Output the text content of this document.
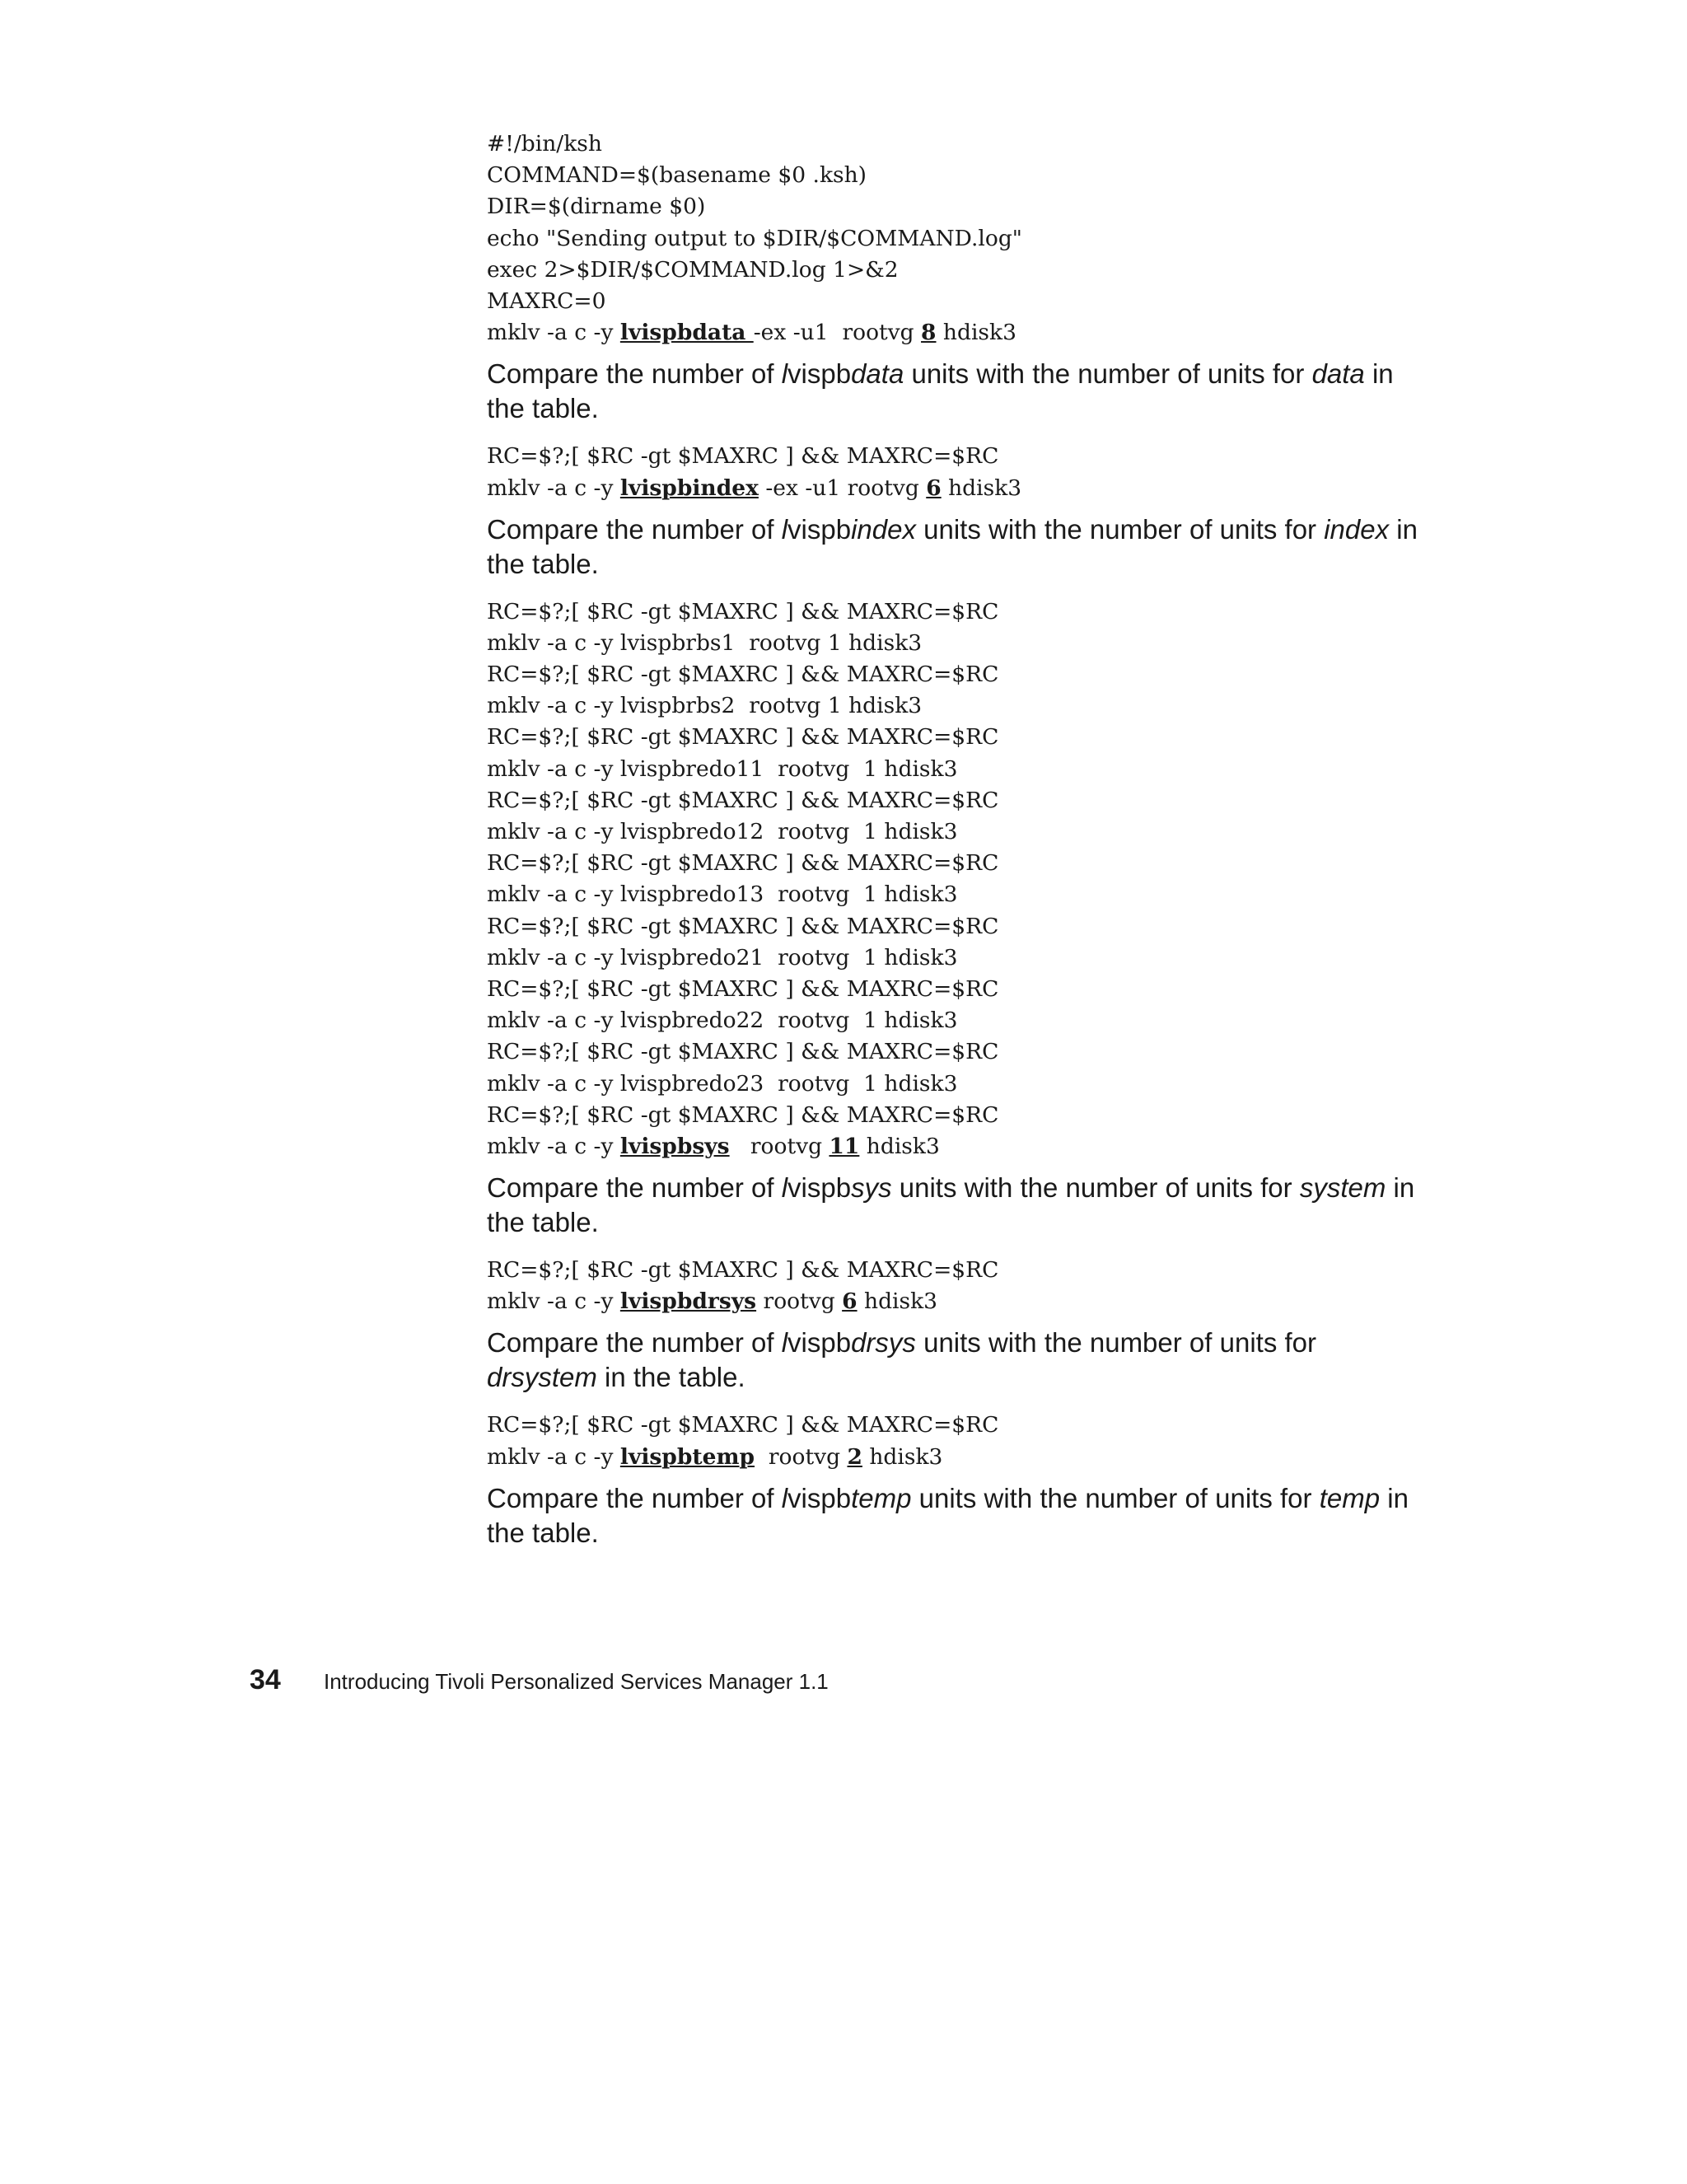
#!/bin/ksh
COMMAND=$(basename $0 .ksh)
DIR=$(dirname $0)
echo "Sending output to $DIR/$COMMAND.log"
exec 2>$DIR/$COMMAND.log 1>&2
MAXRC=0
mklv -a c -y lvispbdata -ex -u1  rootvg 8 hdisk3
Compare the number of lvispbdata units with the number of units for data in the table.
RC=$?;[ $RC -gt $MAXRC ] && MAXRC=$RC
mklv -a c -y lvispbindex -ex -u1 rootvg 6 hdisk3
Compare the number of lvispbindex units with the number of units for index in the table.
RC=$?;[ $RC -gt $MAXRC ] && MAXRC=$RC
mklv -a c -y lvispbrbs1  rootvg 1 hdisk3
RC=$?;[ $RC -gt $MAXRC ] && MAXRC=$RC
mklv -a c -y lvispbrbs2  rootvg 1 hdisk3
RC=$?;[ $RC -gt $MAXRC ] && MAXRC=$RC
mklv -a c -y lvispbredo11  rootvg  1 hdisk3
RC=$?;[ $RC -gt $MAXRC ] && MAXRC=$RC
mklv -a c -y lvispbredo12  rootvg  1 hdisk3
RC=$?;[ $RC -gt $MAXRC ] && MAXRC=$RC
mklv -a c -y lvispbredo13  rootvg  1 hdisk3
RC=$?;[ $RC -gt $MAXRC ] && MAXRC=$RC
mklv -a c -y lvispbredo21  rootvg  1 hdisk3
RC=$?;[ $RC -gt $MAXRC ] && MAXRC=$RC
mklv -a c -y lvispbredo22  rootvg  1 hdisk3
RC=$?;[ $RC -gt $MAXRC ] && MAXRC=$RC
mklv -a c -y lvispbredo23  rootvg  1 hdisk3
RC=$?;[ $RC -gt $MAXRC ] && MAXRC=$RC
mklv -a c -y lvispbsys   rootvg 11 hdisk3
Compare the number of lvispbsys units with the number of units for system in the table.
RC=$?;[ $RC -gt $MAXRC ] && MAXRC=$RC
mklv -a c -y lvispbdrsys rootvg 6 hdisk3
Compare the number of lvispbdrsys units with the number of units for drsystem in the table.
RC=$?;[ $RC -gt $MAXRC ] && MAXRC=$RC
mklv -a c -y lvispbtemp  rootvg 2 hdisk3
Compare the number of lvispbtemp units with the number of units for temp in the table.
34	Introducing Tivoli Personalized Services Manager 1.1
